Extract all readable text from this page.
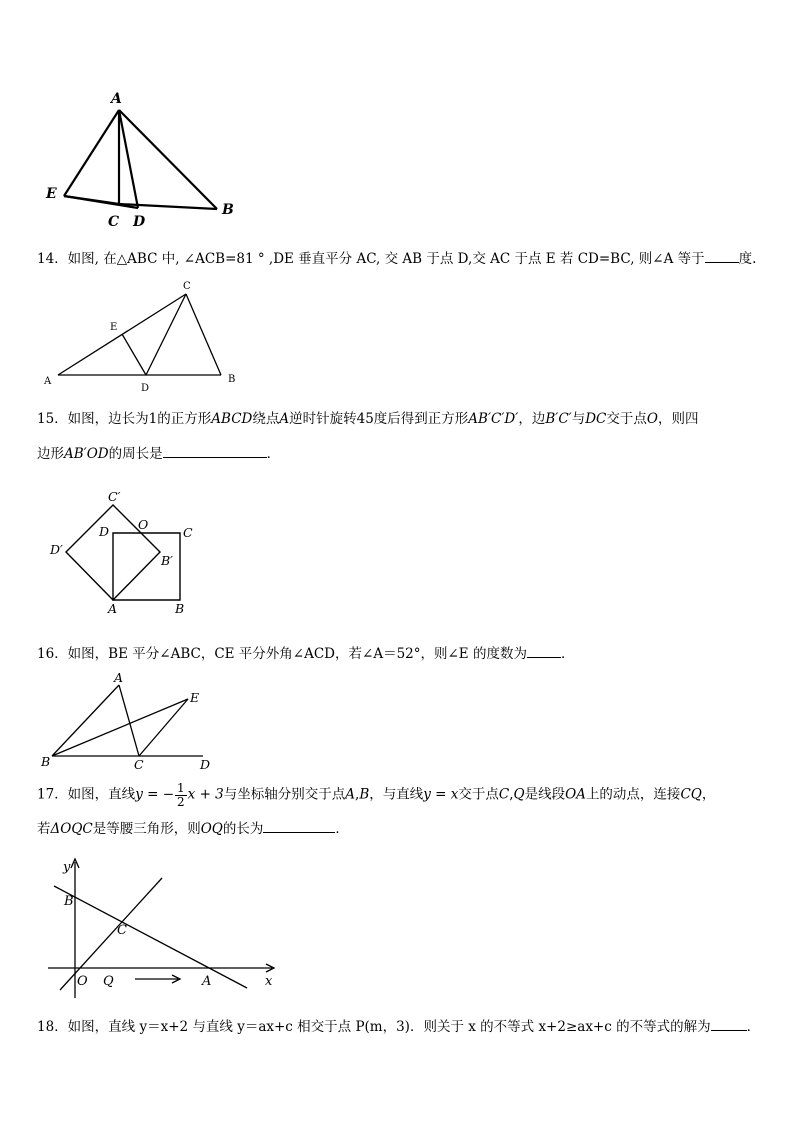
A
E
C D
B
14．如图, 在△ABC 中, ∠ACB=81 ° ,DE 垂直平分 AC, 交 AB 于点 D,交 AC 于点 E 若 CD=BC, 则∠A 等于	度.
C
E
A
D
B
15．如图，边长为1的正方形ABCD绕点A逆时针旋转45度后得到正方形AB′C′D′，边B′C′与DC交于点O，则四
边形AB′OD的周长是	．
C′
O
D	C
D′
B′
A	B
16．如图，BE 平分∠ABC，CE 平分外角∠ACD，若∠A＝52°，则∠E 的度数为	．
A
E
B	C	D
17．如图，直线y = − $\frac{1}{2}$ x + 3与坐标轴分别交于点A,B，与直线y = x交于点C,Q是线段OA上的动点，连接CQ，
若ΔOQC是等腰三角形，则OQ的长为	．
y
B
C
O Q	A	x
18．如图，直线 y＝x+2 与直线 y＝ax+c 相交于点 P(m，3)．则关于 x 的不等式 x+2≥ax+c 的不等式的解为	．
